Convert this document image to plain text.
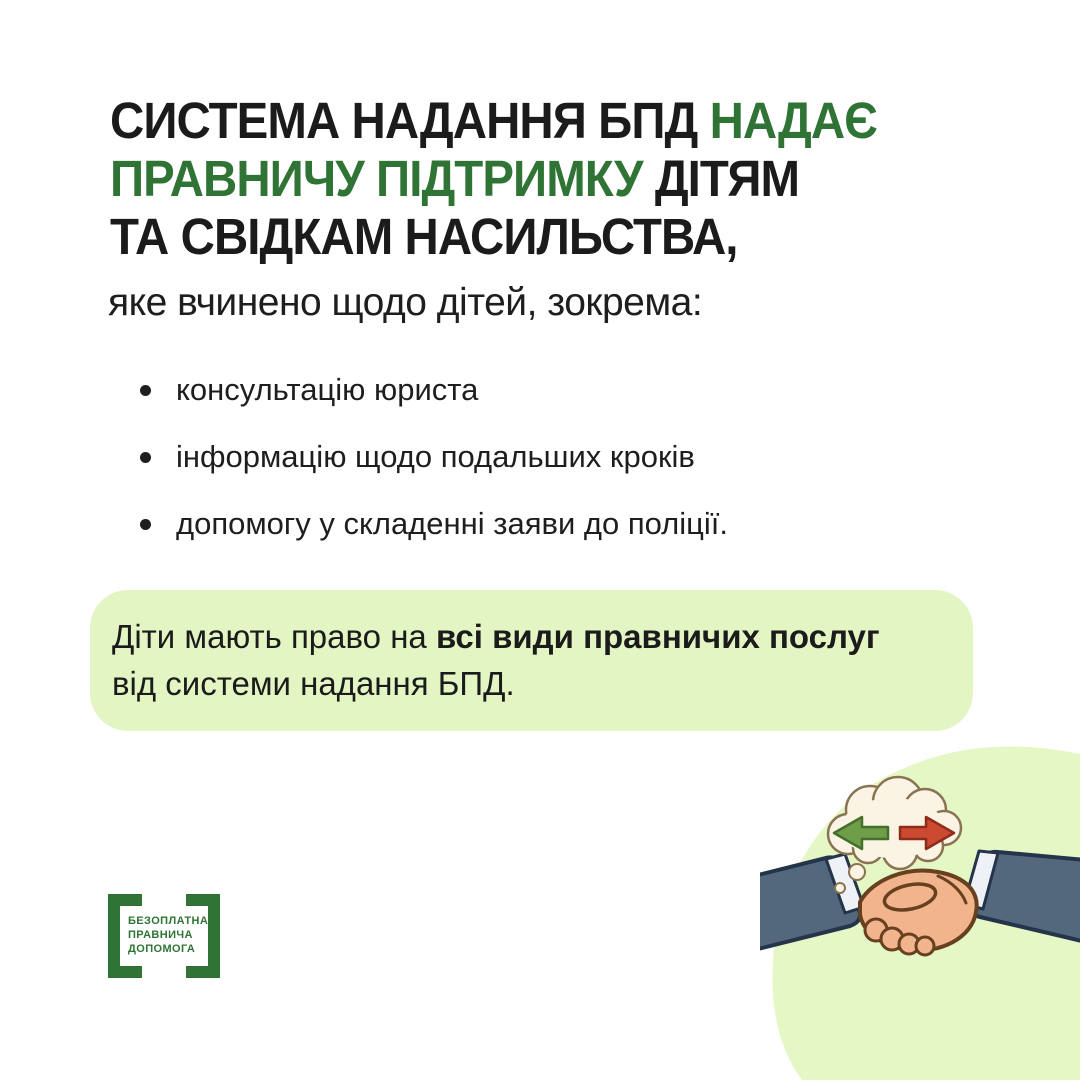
СИСТЕМА НАДАННЯ БПД НАДАЄ
ПРАВНИЧУ ПІДТРИМКУ ДІТЯМ
ТА СВІДКАМ НАСИЛЬСТВА,
яке вчинено щодо дітей, зокрема:
консультацію юриста
інформацію щодо подальших кроків
допомогу у складенні заяви до поліції.
Діти мають право на всі види правничих послуг
від системи надання БПД.
БЕЗОПЛАТНА
ПРАВНИЧА
ДОПОМОГА
